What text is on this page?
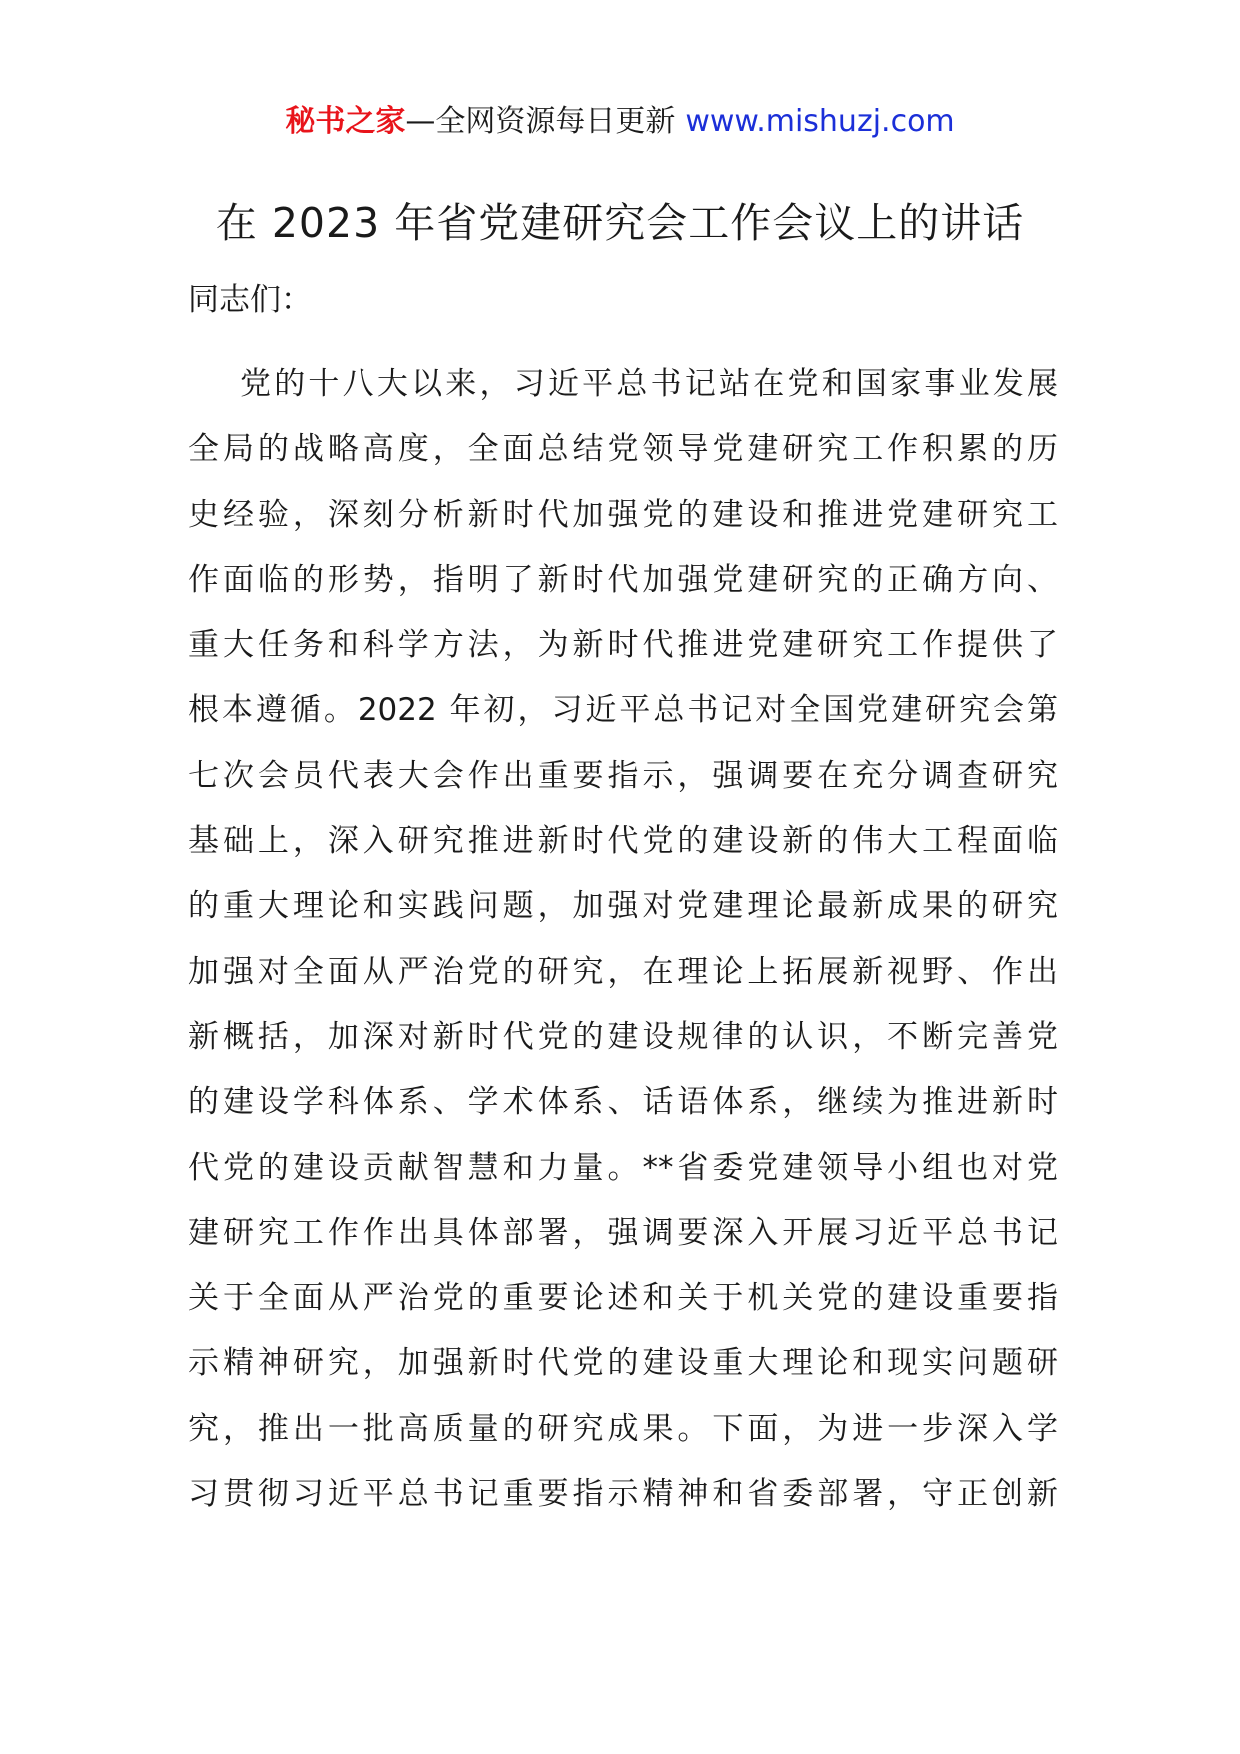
秘书之家—全网资源每日更新 www.mishuzj.com
在 2023 年省党建研究会工作会议上的讲话
同志们：
党的十八大以来，习近平总书记站在党和国家事业发展
全局的战略高度，全面总结党领导党建研究工作积累的历
史经验，深刻分析新时代加强党的建设和推进党建研究工
作面临的形势，指明了新时代加强党建研究的正确方向、
重大任务和科学方法，为新时代推进党建研究工作提供了
根本遵循。2022 年初，习近平总书记对全国党建研究会第
七次会员代表大会作出重要指示，强调要在充分调查研究
基础上，深入研究推进新时代党的建设新的伟大工程面临
的重大理论和实践问题，加强对党建理论最新成果的研究
加强对全面从严治党的研究，在理论上拓展新视野、作出
新概括，加深对新时代党的建设规律的认识，不断完善党
的建设学科体系、学术体系、话语体系，继续为推进新时
代党的建设贡献智慧和力量。**省委党建领导小组也对党
建研究工作作出具体部署，强调要深入开展习近平总书记
关于全面从严治党的重要论述和关于机关党的建设重要指
示精神研究，加强新时代党的建设重大理论和现实问题研
究，推出一批高质量的研究成果。下面，为进一步深入学
习贯彻习近平总书记重要指示精神和省委部署，守正创新
